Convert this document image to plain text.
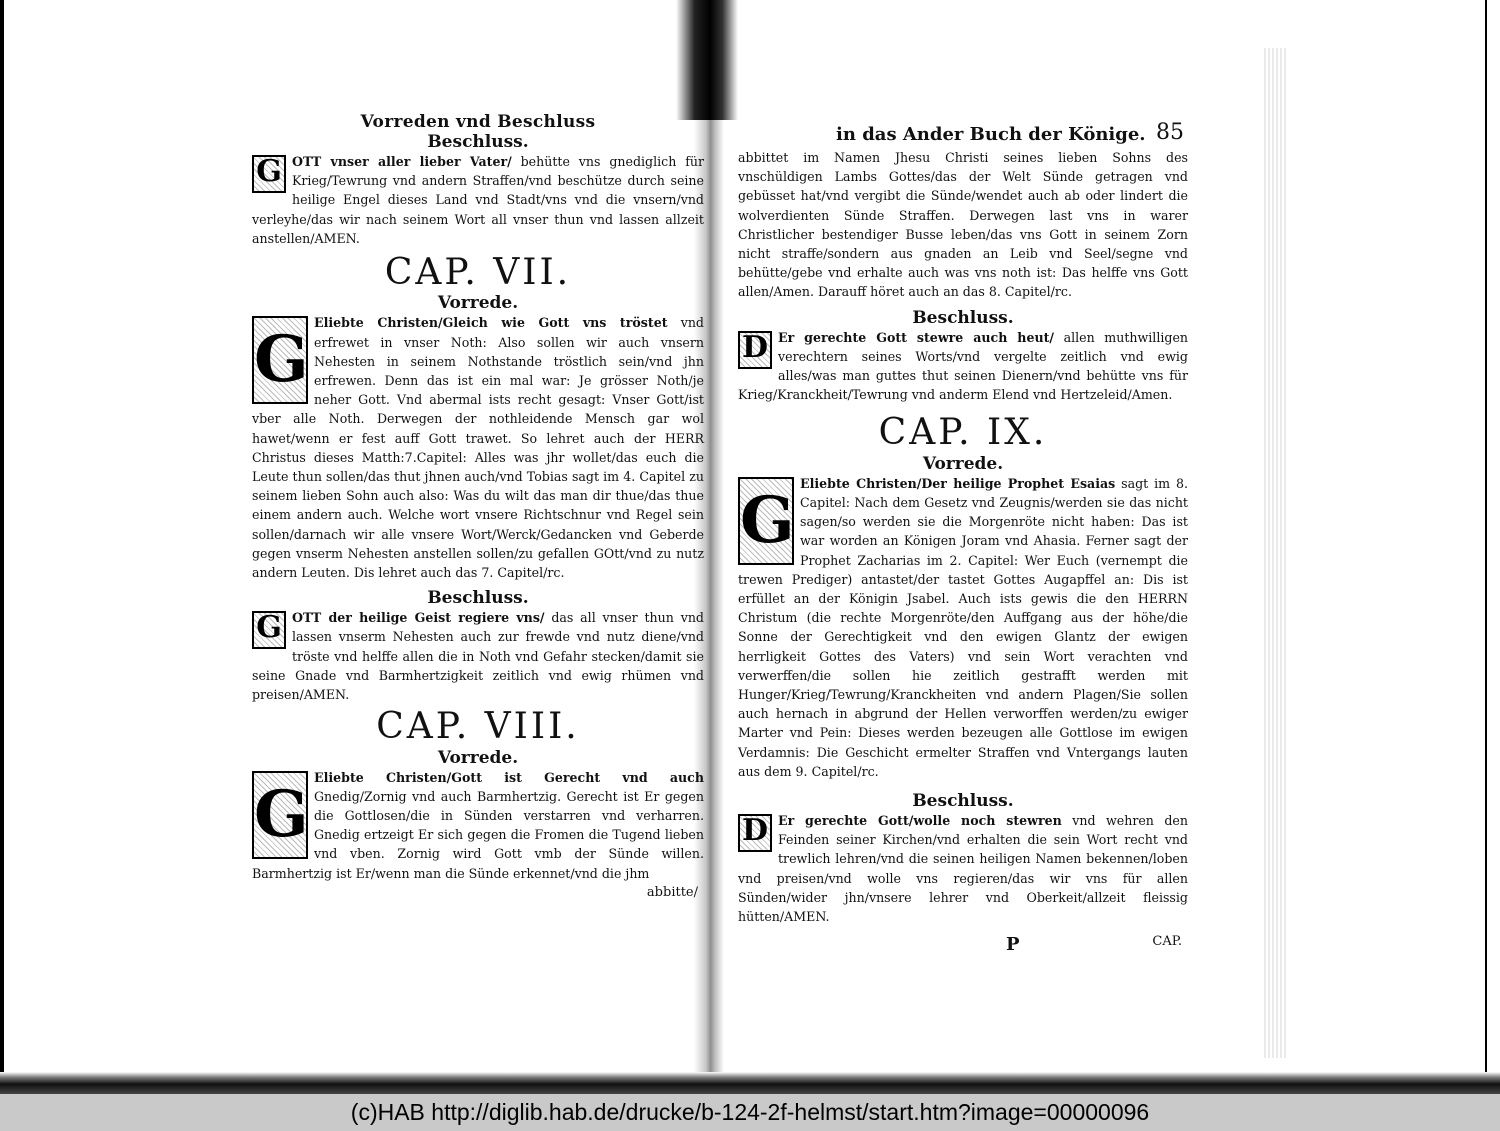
Vorreden vnd Beschluss

Beschluss.

G OTT vnser aller lieber Vater/ behütte vns gnediglich für Krieg/Tewrung vnd andern Straffen/vnd beschütze durch seine heilige Engel dieses Land vnd Stadt/vns vnd die vnsern/vnd verleyhe/das wir nach seinem Wort all vnser thun vnd lassen allzeit anstellen/AMEN.

CAP. VII.

Vorrede.

G Eliebte Christen/Gleich wie Gott vns tröstet vnd erfrewet in vnser Noth: Also sollen wir auch vnsern Nehesten in seinem Nothstande tröstlich sein/vnd jhn erfrewen. Denn das ist ein mal war: Je grösser Noth/je neher Gott. Vnd abermal ists recht gesagt: Vnser Gott/ist vber alle Noth. Derwegen der nothleidende Mensch gar wol hawet/wenn er fest auff Gott trawet. So lehret auch der HERR Christus dieses Matth:7.Capitel: Alles was jhr wollet/das euch die Leute thun sollen/das thut jhnen auch/vnd Tobias sagt im 4. Capitel zu seinem lieben Sohn auch also: Was du wilt das man dir thue/das thue einem andern auch. Welche wort vnsere Richtschnur vnd Regel sein sollen/darnach wir alle vnsere Wort/Werck/Gedancken vnd Geberde gegen vnserm Nehesten anstellen sollen/zu gefallen GOtt/vnd zu nutz andern Leuten. Dis lehret auch das 7. Capitel/rc.

Beschluss.

G OTT der heilige Geist regiere vns/ das all vnser thun vnd lassen vnserm Nehesten auch zur frewde vnd nutz diene/vnd tröste vnd helffe allen die in Noth vnd Gefahr stecken/damit sie seine Gnade vnd Barmhertzigkeit zeitlich vnd ewig rhümen vnd preisen/AMEN.

CAP. VIII.

Vorrede.

G Eliebte Christen/Gott ist Gerecht vnd auch Gnedig/Zornig vnd auch Barmhertzig. Gerecht ist Er gegen die Gottlosen/die in Sünden verstarren vnd verharren. Gnedig ertzeigt Er sich gegen die Fromen die Tugend lieben vnd vben. Zornig wird Gott vmb der Sünde willen. Barmhertzig ist Er/wenn man die Sünde erkennet/vnd die jhm

abbitte/
in das Ander Buch der Könige. 85

abbittet im Namen Jhesu Christi seines lieben Sohns des vnschüldigen Lambs Gottes/das der Welt Sünde getragen vnd gebüsset hat/vnd vergibt die Sünde/wendet auch ab oder lindert die wolverdienten Sünde Straffen. Derwegen last vns in warer Christlicher bestendiger Busse leben/das vns Gott in seinem Zorn nicht straffe/sondern aus gnaden an Leib vnd Seel/segne vnd behütte/gebe vnd erhalte auch was vns noth ist: Das helffe vns Gott allen/Amen. Darauff höret auch an das 8. Capitel/rc.

Beschluss.

D Er gerechte Gott stewre auch heut/ allen muthwilligen verechtern seines Worts/vnd vergelte zeitlich vnd ewig alles/was man guttes thut seinen Dienern/vnd behütte vns für Krieg/Kranckheit/Tewrung vnd anderm Elend vnd Hertzeleid/Amen.

CAP. IX.

Vorrede.

G Eliebte Christen/Der heilige Prophet Esaias sagt im 8. Capitel: Nach dem Gesetz vnd Zeugnis/werden sie das nicht sagen/so werden sie die Morgenröte nicht haben: Das ist war worden an Königen Joram vnd Ahasia. Ferner sagt der Prophet Zacharias im 2. Capitel: Wer Euch (vernempt die trewen Prediger) antastet/der tastet Gottes Augapffel an: Dis ist erfüllet an der Königin Jsabel. Auch ists gewis die den HERRN Christum (die rechte Morgenröte/den Auffgang aus der höhe/die Sonne der Gerechtigkeit vnd den ewigen Glantz der ewigen herrligkeit Gottes des Vaters) vnd sein Wort verachten vnd verwerffen/die sollen hie zeitlich gestrafft werden mit Hunger/Krieg/Tewrung/Kranckheiten vnd andern Plagen/Sie sollen auch hernach in abgrund der Hellen verworffen werden/zu ewiger Marter vnd Pein: Dieses werden bezeugen alle Gottlose im ewigen Verdamnis: Die Geschicht ermelter Straffen vnd Vntergangs lauten aus dem 9. Capitel/rc.

Beschluss.

D Er gerechte Gott/wolle noch stewren vnd wehren den Feinden seiner Kirchen/vnd erhalten die sein Wort recht vnd trewlich lehren/vnd die seinen heiligen Namen bekennen/loben vnd preisen/vnd wolle vns regieren/das wir vns für allen Sünden/wider jhn/vnsere lehrer vnd Oberkeit/allzeit fleissig hütten/AMEN.

P	CAP.
(c)HAB http://diglib.hab.de/drucke/b-124-2f-helmst/start.htm?image=00000096
